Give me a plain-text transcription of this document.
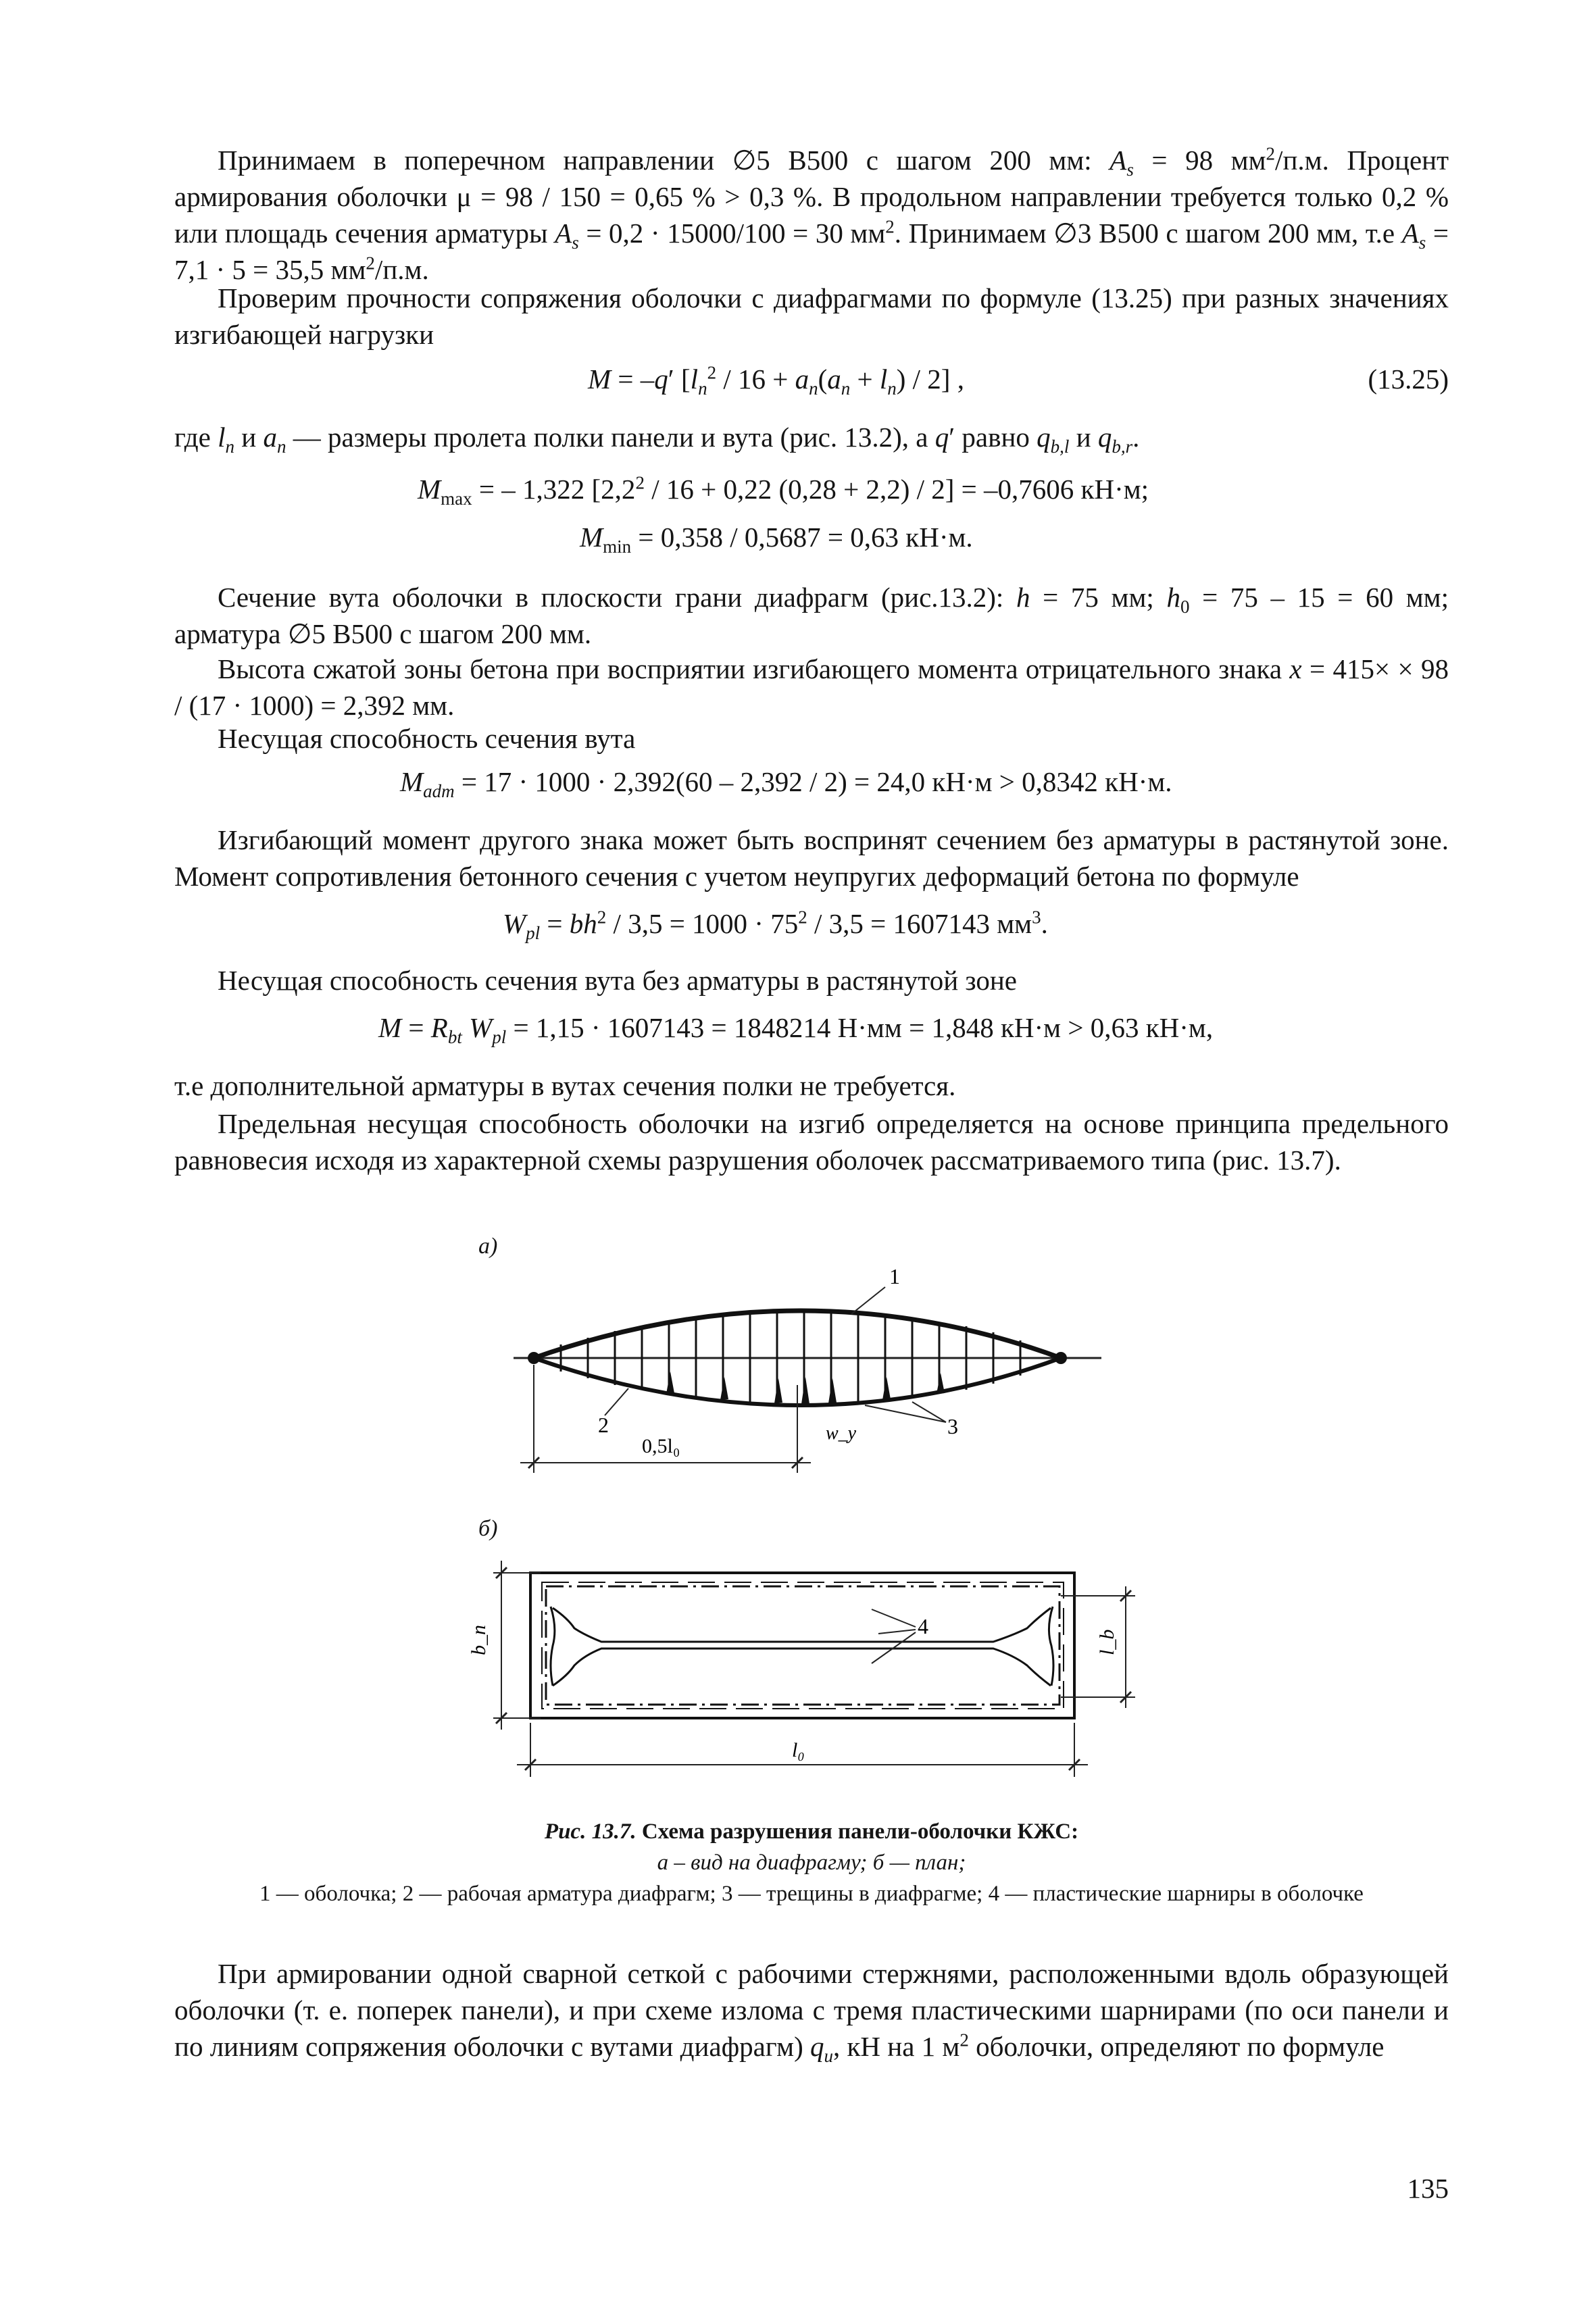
Принимаем в поперечном направлении ∅5 В500 с шагом 200 мм: $A_s = 98$ $мм^2/п.м$. Процент армирования оболочки μ = 98 / 150 = 0,65 % > 0,3 %. В продольном направлении требуется только 0,2 % или площадь сечения арматуры $A_s = 0,2 \cdot 15000/100 = 30$ $мм^2$. Принимаем ∅3 В500 с шагом 200 мм, т.е $A_s = 7,1 \cdot 5 = 35,5$ $мм^2/п.м$.

Проверим прочности сопряжения оболочки с диафрагмами по формуле (13.25) при разных значениях изгибающей нагрузки

M = –q′ $[l_n^2 / 16 + a_n(a_n + l_n) / 2]$ ,	(13.25)

где $l_n$ и $a_n$ — размеры пролета полки панели и вута (рис. 13.2), а q′ равно $q_{b,l}$ и $q_{b,r}$.

$M_{max}$ = – 1,322 [$2,2^2 / 16 + 0,22$ (0,28 + 2,2) / 2] = –0,7606 кН·м;
$M_{min} = 0,358 / 0,5687 = 0,63$ кН·м.

Сечение вута оболочки в плоскости грани диафрагм (рис.13.2): h = 75 мм; $h_0 = 75 - 15 = 60$ мм; арматура ∅5 В500 с шагом 200 мм.

Высота сжатой зоны бетона при восприятии изгибающего момента отрицательного знака x = 415× × 98 / (17 · 1000) = 2,392 мм.

Несущая способность сечения вута

$M_{adm} = 17 \cdot 1000 \cdot 2,392(60 - 2,392 / 2) = 24,0$ кН·м > 0,8342 кН·м.

Изгибающий момент другого знака может быть воспринят сечением без арматуры в растянутой зоне. Момент сопротивления бетонного сечения с учетом неупругих деформаций бетона по формуле

$W_{pl} = bh^2 / 3,5 = 1000 \cdot 75^2 / 3,5 = 1607143$ $мм^3$.

Несущая способность сечения вута без арматуры в растянутой зоне

$M = R_{bt}$ $W_{pl} = 1,15 \cdot 1607143 = 1848214$ Н·мм = 1,848 кН·м > 0,63 кН·м,

т.е дополнительной арматуры в вутах сечения полки не требуется.

Предельная несущая способность оболочки на изгиб определяется на основе принципа предельного равновесия исходя из характерной схемы разрушения оболочек рассматриваемого типа (рис. 13.7).

а)
1
2	3
0,5l₀
w_y
б)
4
b_n	l_b
l₀
Рис. 13.7. Схема разрушения панели-оболочки КЖС:
а – вид на диафрагму; б — план;
1 — оболочка; 2 — рабочая арматура диафрагм; 3 — трещины в диафрагме; 4 — пластические шарниры в оболочке

При армировании одной сварной сеткой с рабочими стержнями, расположенными вдоль образующей оболочки (т. е. поперек панели), и при схеме излома с тремя пластическими шарнирами (по оси панели и по линиям сопряжения оболочки с вутами диафрагм) $q_u$, кН на 1 $м^2$ оболочки, определяют по формуле

135
